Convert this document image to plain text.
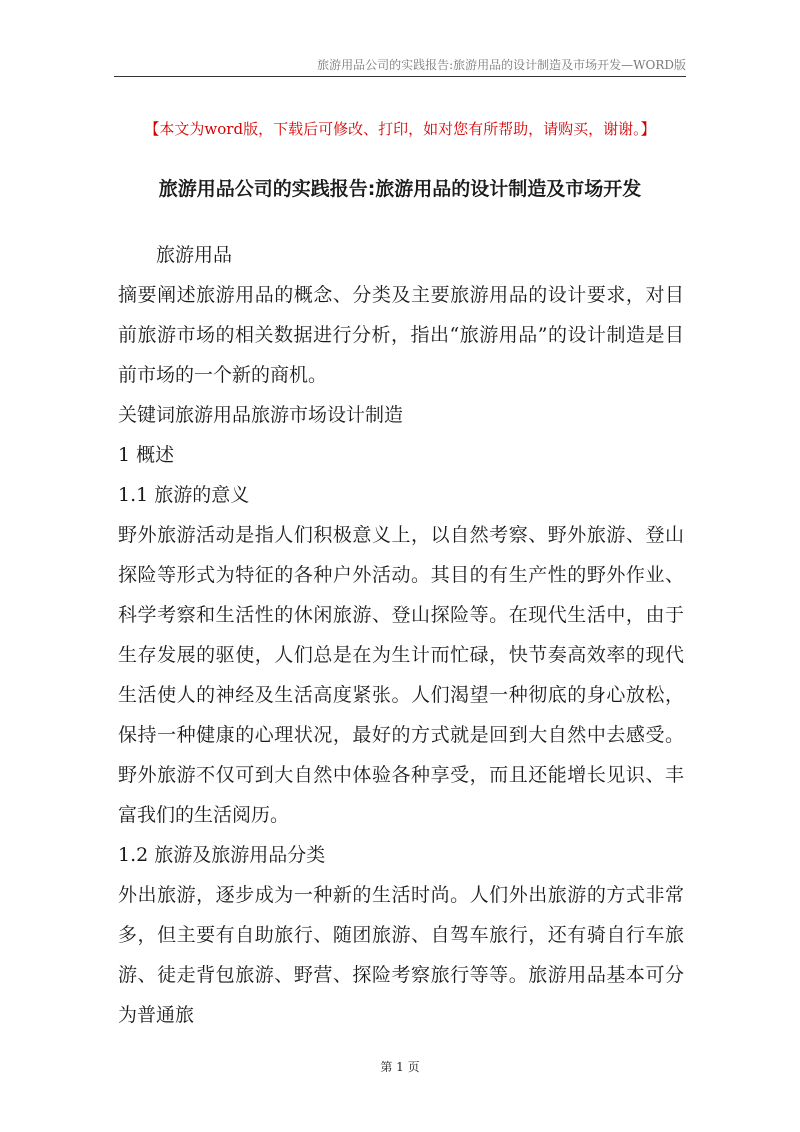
旅游用品公司的实践报告:旅游用品的设计制造及市场开发—WORD版
【本文为word版，下载后可修改、打印，如对您有所帮助，请购买，谢谢。】
旅游用品公司的实践报告:旅游用品的设计制造及市场开发

旅游用品

摘要阐述旅游用品的概念、分类及主要旅游用品的设计要求，对目前旅游市场的相关数据进行分析，指出“旅游用品”的设计制造是目前市场的一个新的商机。

关键词旅游用品旅游市场设计制造

1 概述

1.1 旅游的意义

野外旅游活动是指人们积极意义上，以自然考察、野外旅游、登山探险等形式为特征的各种户外活动。其目的有生产性的野外作业、科学考察和生活性的休闲旅游、登山探险等。在现代生活中，由于生存发展的驱使，人们总是在为生计而忙碌，快节奏高效率的现代生活使人的神经及生活高度紧张。人们渴望一种彻底的身心放松，保持一种健康的心理状况，最好的方式就是回到大自然中去感受。野外旅游不仅可到大自然中体验各种享受，而且还能增长见识、丰富我们的生活阅历。

1.2 旅游及旅游用品分类

外出旅游，逐步成为一种新的生活时尚。人们外出旅游的方式非常多，但主要有自助旅行、随团旅游、自驾车旅行，还有骑自行车旅游、徒走背包旅游、野营、探险考察旅行等等。旅游用品基本可分为普通旅

第 1 页
